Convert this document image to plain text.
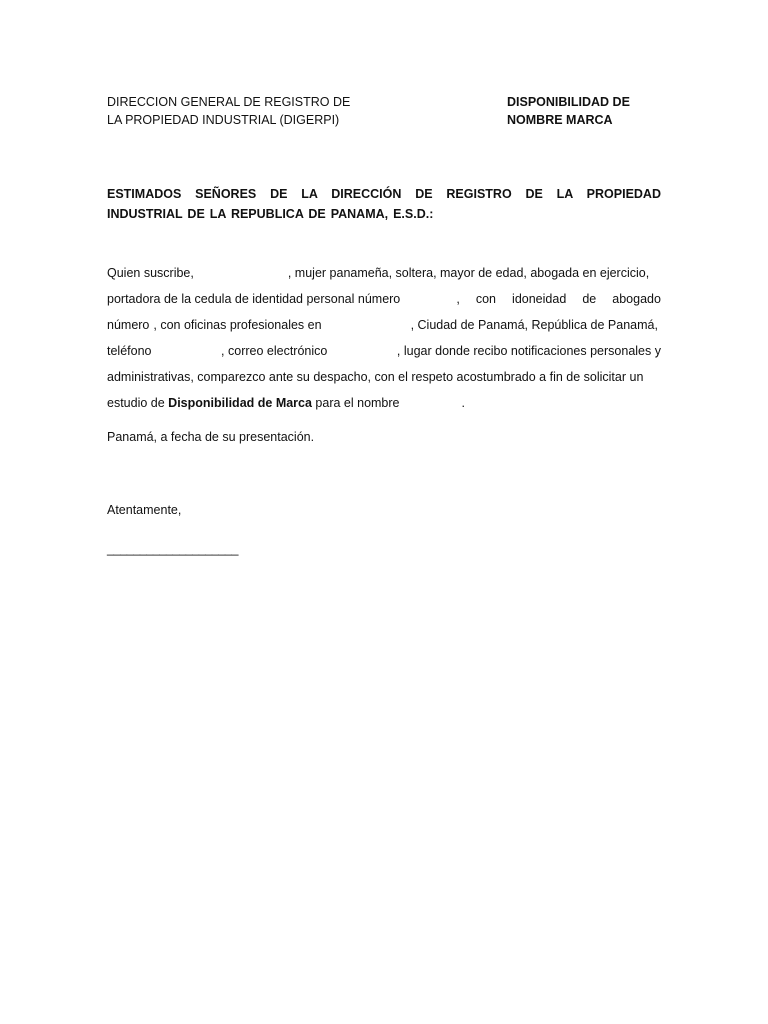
DIRECCION GENERAL DE REGISTRO DE
LA PROPIEDAD INDUSTRIAL (DIGERPI)
DISPONIBILIDAD DE
NOMBRE MARCA
ESTIMADOS SEÑORES DE LA DIRECCIÓN DE REGISTRO DE LA PROPIEDAD INDUSTRIAL DE LA REPUBLICA DE PANAMA, E.S.D.:
Quien suscribe,	, mujer panameña, soltera, mayor de edad, abogada en ejercicio,
portadora de la cedula de identidad personal número	, con idoneidad de abogado
número , con oficinas profesionales en	, Ciudad de Panamá, República de Panamá,
teléfono	, correo electrónico	, lugar donde recibo notificaciones personales y
administrativas, comparezco ante su despacho, con el respeto acostumbrado a fin de solicitar un
estudio de Disponibilidad de Marca para el nombre	.
Panamá, a fecha de su presentación.
Atentamente,
____________________
